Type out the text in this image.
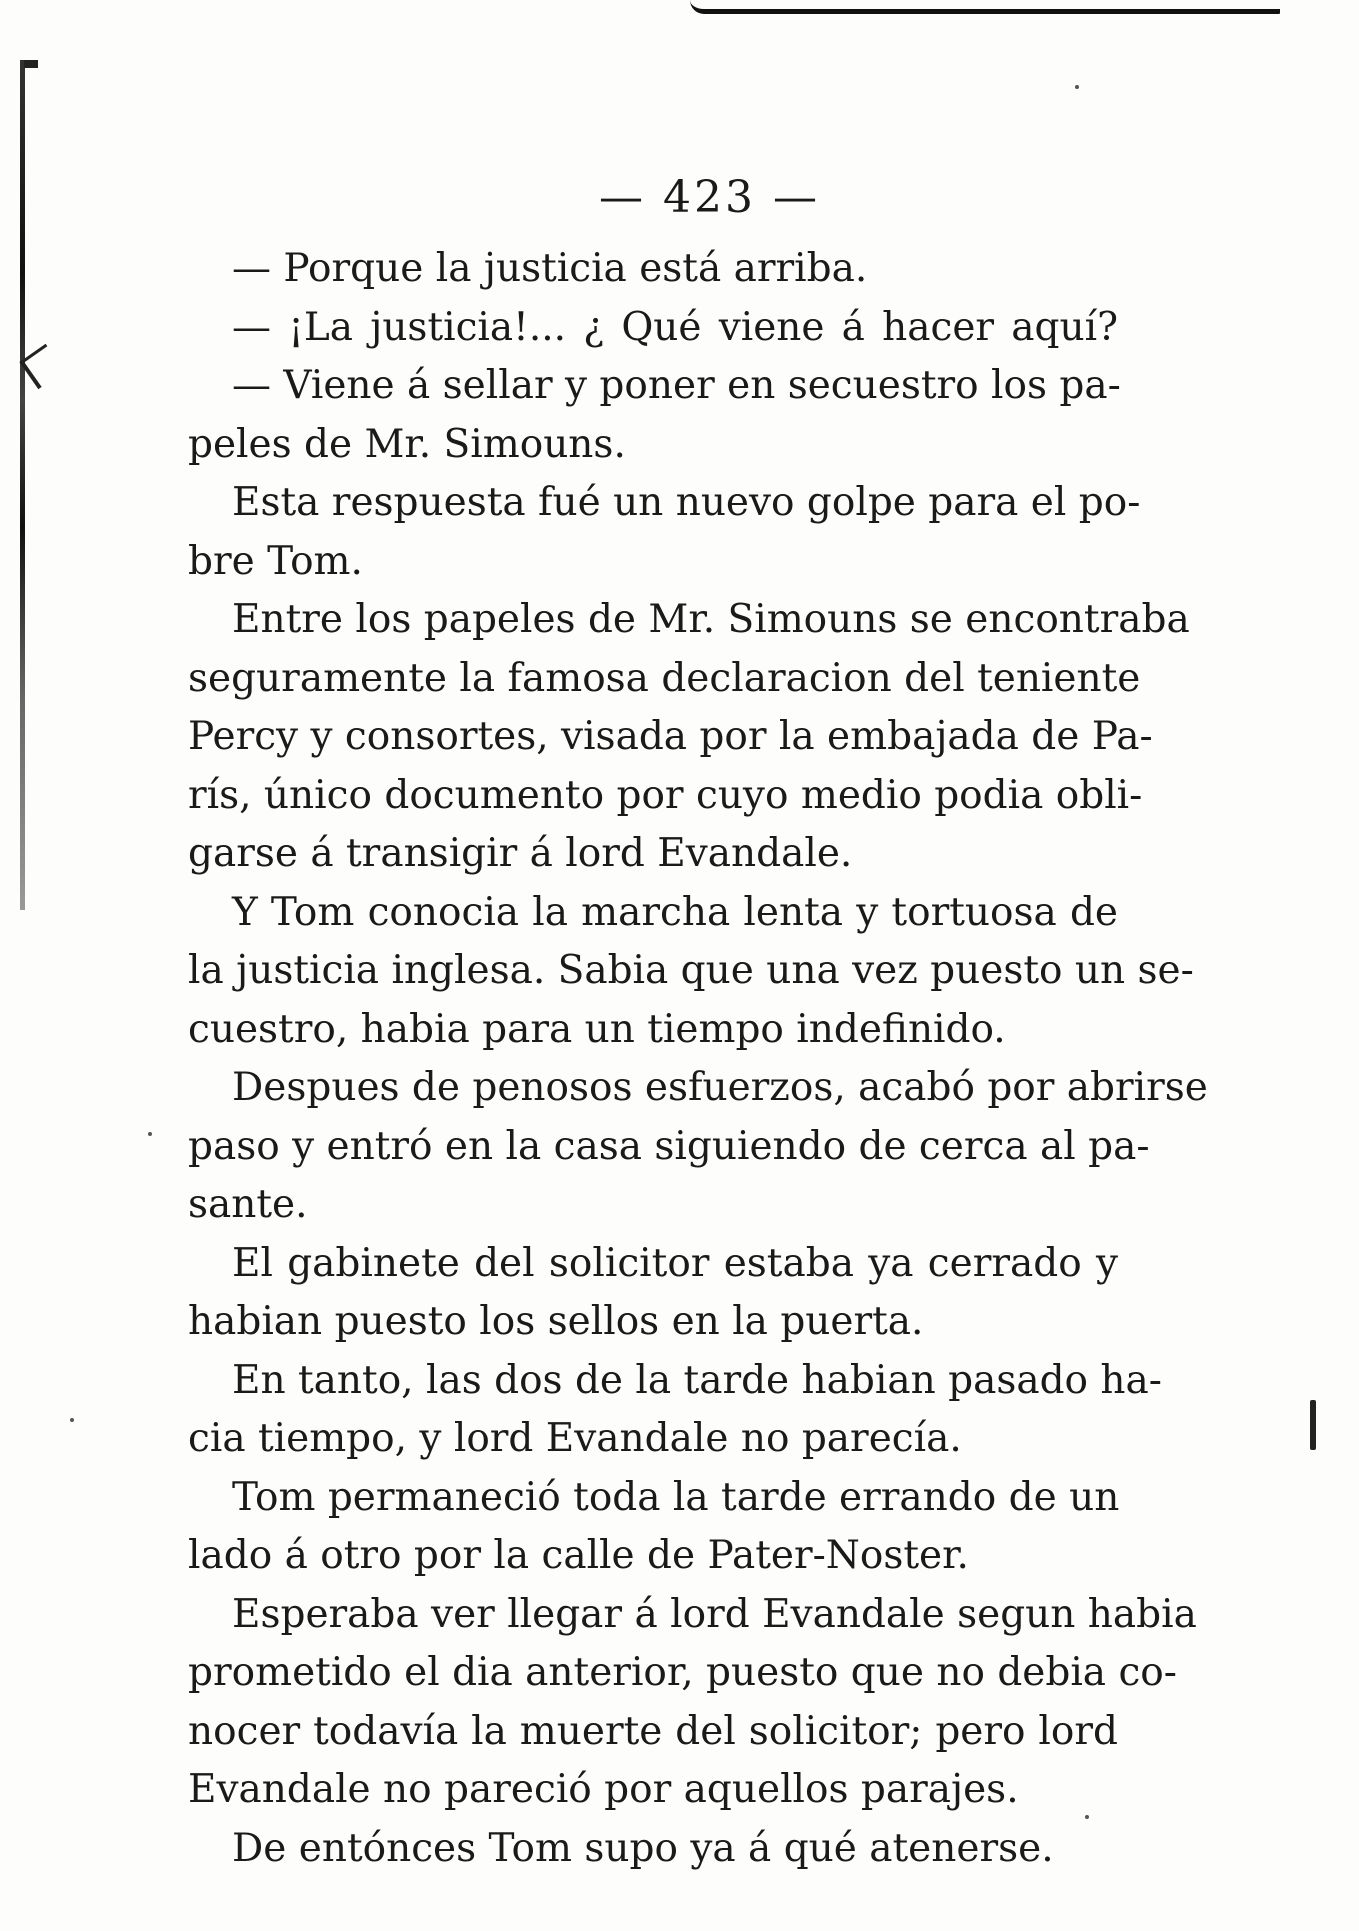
— 423 —
— Porque la justicia está arriba.
— ¡La justicia!... ¿ Qué viene á hacer aquí?
— Viene á sellar y poner en secuestro los pa-
peles de Mr. Simouns.
Esta respuesta fué un nuevo golpe para el po-
bre Tom.
Entre los papeles de Mr. Simouns se encontraba
seguramente la famosa declaracion del teniente
Percy y consortes, visada por la embajada de Pa-
rís, único documento por cuyo medio podia obli-
garse á transigir á lord Evandale.
Y Tom conocia la marcha lenta y tortuosa de
la justicia inglesa. Sabia que una vez puesto un se-
cuestro, habia para un tiempo indefinido.
Despues de penosos esfuerzos, acabó por abrirse
paso y entró en la casa siguiendo de cerca al pa-
sante.
El gabinete del solicitor estaba ya cerrado y
habian puesto los sellos en la puerta.
En tanto, las dos de la tarde habian pasado ha-
cia tiempo, y lord Evandale no parecía.
Tom permaneció toda la tarde errando de un
lado á otro por la calle de Pater-Noster.
Esperaba ver llegar á lord Evandale segun habia
prometido el dia anterior, puesto que no debia co-
nocer todavía la muerte del solicitor; pero lord
Evandale no pareció por aquellos parajes.
De entónces Tom supo ya á qué atenerse.
